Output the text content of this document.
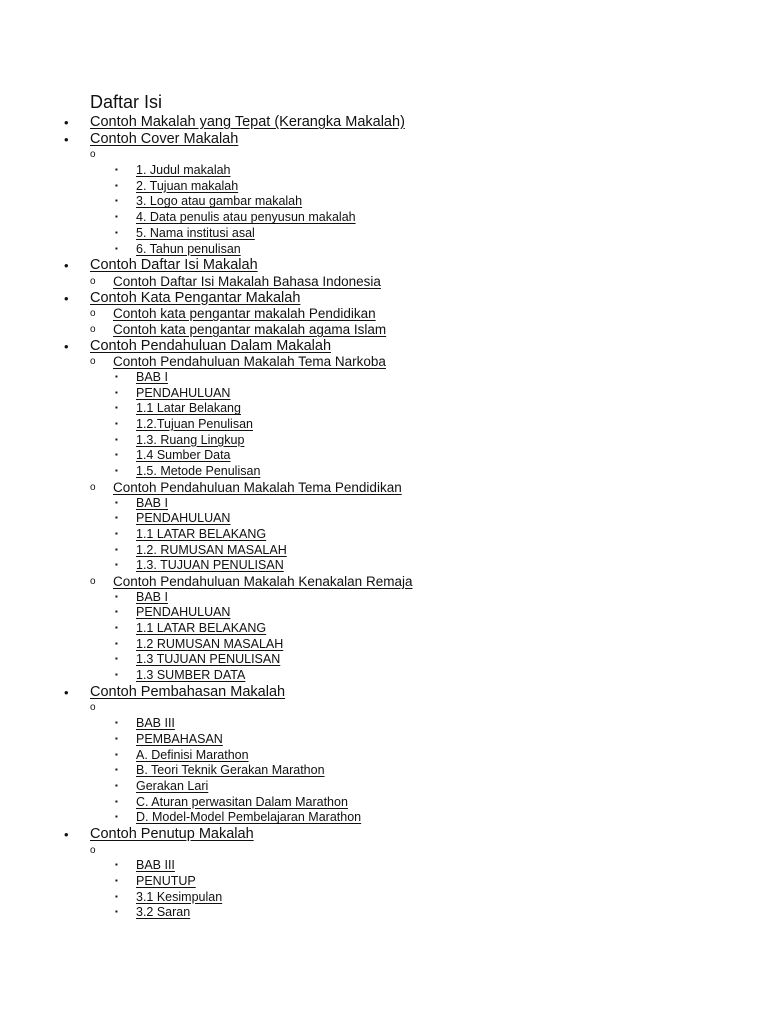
Daftar Isi
• Contoh Makalah yang Tepat (Kerangka Makalah)
• Contoh Cover Makalah
o
▪ 1. Judul makalah
▪ 2. Tujuan makalah
▪ 3. Logo atau gambar makalah
▪ 4. Data penulis atau penyusun makalah
▪ 5. Nama institusi asal
▪ 6. Tahun penulisan
• Contoh Daftar Isi Makalah
o Contoh Daftar Isi Makalah Bahasa Indonesia
• Contoh Kata Pengantar Makalah
o Contoh kata pengantar makalah Pendidikan
o Contoh kata pengantar makalah agama Islam
• Contoh Pendahuluan Dalam Makalah
o Contoh Pendahuluan Makalah Tema Narkoba
▪ BAB I
▪ PENDAHULUAN
▪ 1.1 Latar Belakang
▪ 1.2.Tujuan Penulisan
▪ 1.3. Ruang Lingkup
▪ 1.4 Sumber Data
▪ 1.5. Metode Penulisan
o Contoh Pendahuluan Makalah Tema Pendidikan
▪ BAB I
▪ PENDAHULUAN
▪ 1.1 LATAR BELAKANG
▪ 1.2. RUMUSAN MASALAH
▪ 1.3. TUJUAN PENULISAN
o Contoh Pendahuluan Makalah Kenakalan Remaja
▪ BAB I
▪ PENDAHULUAN
▪ 1.1 LATAR BELAKANG
▪ 1.2 RUMUSAN MASALAH
▪ 1.3 TUJUAN PENULISAN
▪ 1.3 SUMBER DATA
• Contoh Pembahasan Makalah
o
▪ BAB III
▪ PEMBAHASAN
▪ A. Definisi Marathon
▪ B. Teori Teknik Gerakan Marathon
▪ Gerakan Lari
▪ C. Aturan perwasitan Dalam Marathon
▪ D. Model-Model Pembelajaran Marathon
• Contoh Penutup Makalah
o
▪ BAB III
▪ PENUTUP
▪ 3.1 Kesimpulan
▪ 3.2 Saran
